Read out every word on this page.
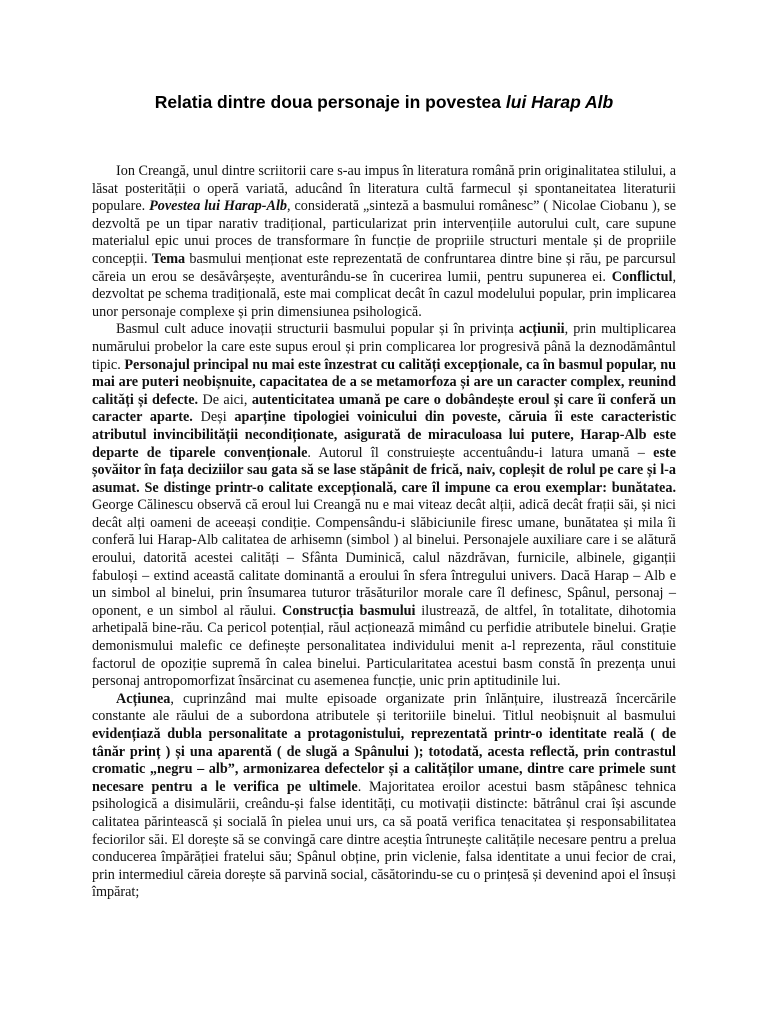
Relatia dintre doua personaje in povestea lui Harap Alb

Ion Creangă, unul dintre scriitorii care s-au impus în literatura română prin originalitatea stilului, a lăsat posterității o operă variată, aducând în literatura cultă farmecul și spontaneitatea literaturii populare. Povestea lui Harap-Alb, considerată „sinteză a basmului românesc” ( Nicolae Ciobanu ), se dezvoltă pe un tipar narativ tradițional, particularizat prin intervențiile autorului cult, care supune materialul epic unui proces de transformare în funcție de propriile structuri mentale și de propriile concepții. Tema basmului menționat este reprezentată de confruntarea dintre bine și rău, pe parcursul căreia un erou se desăvârșește, aventurându-se în cucerirea lumii, pentru supunerea ei. Conflictul, dezvoltat pe schema tradițională, este mai complicat decât în cazul modelului popular, prin implicarea unor personaje complexe și prin dimensiunea psihologică.

Basmul cult aduce inovații structurii basmului popular și în privința acțiunii, prin multiplicarea numărului probelor la care este supus eroul și prin complicarea lor progresivă până la deznodământul tipic. Personajul principal nu mai este înzestrat cu calități excepționale, ca în basmul popular, nu mai are puteri neobișnuite, capacitatea de a se metamorfoza și are un caracter complex, reunind calități și defecte. De aici, autenticitatea umană pe care o dobândește eroul și care îi conferă un caracter aparte. Deși aparține tipologiei voinicului din poveste, căruia îi este caracteristic atributul invincibilității necondiționate, asigurată de miraculoasa lui putere, Harap-Alb este departe de tiparele convenționale. Autorul îl construiește accentuându-i latura umană – este șovăitor în fața deciziilor sau gata să se lase stăpânit de frică, naiv, copleșit de rolul pe care și l-a asumat. Se distinge printr-o calitate excepțională, care îl impune ca erou exemplar: bunătatea. George Călinescu observă că eroul lui Creangă nu e mai viteaz decât alții, adică decât frații săi, și nici decât alți oameni de aceeași condiție. Compensându-i slăbiciunile firesc umane, bunătatea și mila îi conferă lui Harap-Alb calitatea de arhisemn (simbol ) al binelui. Personajele auxiliare care i se alătură eroului, datorită acestei calități – Sfânta Duminică, calul năzdrăvan, furnicile, albinele, giganții fabuloși – extind această calitate dominantă a eroului în sfera întregului univers. Dacă Harap – Alb e un simbol al binelui, prin însumarea tuturor trăsăturilor morale care îl definesc, Spânul, personaj – oponent, e un simbol al răului. Construcția basmului ilustrează, de altfel, în totalitate, dihotomia arhetipală bine-rău. Ca pericol potențial, răul acționează mimând cu perfidie atributele binelui. Grație demonismului malefic ce definește personalitatea individului menit a-l reprezenta, răul constituie factorul de opoziție supremă în calea binelui. Particularitatea acestui basm constă în prezența unui personaj antropomorfizat însărcinat cu asemenea funcție, unic prin aptitudinile lui.

Acțiunea, cuprinzând mai multe episoade organizate prin înlănțuire, ilustrează încercările constante ale răului de a subordona atributele și teritoriile binelui. Titlul neobișnuit al basmului evidențiază dubla personalitate a protagonistului, reprezentată printr-o identitate reală ( de tânăr prinț ) și una aparentă ( de slugă a Spânului ); totodată, acesta reflectă, prin contrastul cromatic „negru – alb”, armonizarea defectelor și a calităților umane, dintre care primele sunt necesare pentru a le verifica pe ultimele. Majoritatea eroilor acestui basm stăpânesc tehnica psihologică a disimulării, creându-și false identități, cu motivații distincte: bătrânul crai își ascunde calitatea părintească și socială în pielea unui urs, ca să poată verifica tenacitatea și responsabilitatea feciorilor săi. El dorește să se convingă care dintre aceștia întrunește calitățile necesare pentru a prelua conducerea împărăției fratelui său; Spânul obține, prin viclenie, falsa identitate a unui fecior de crai, prin intermediul căreia dorește să parvină social, căsătorindu-se cu o prințesă și devenind apoi el însuși împărat;
